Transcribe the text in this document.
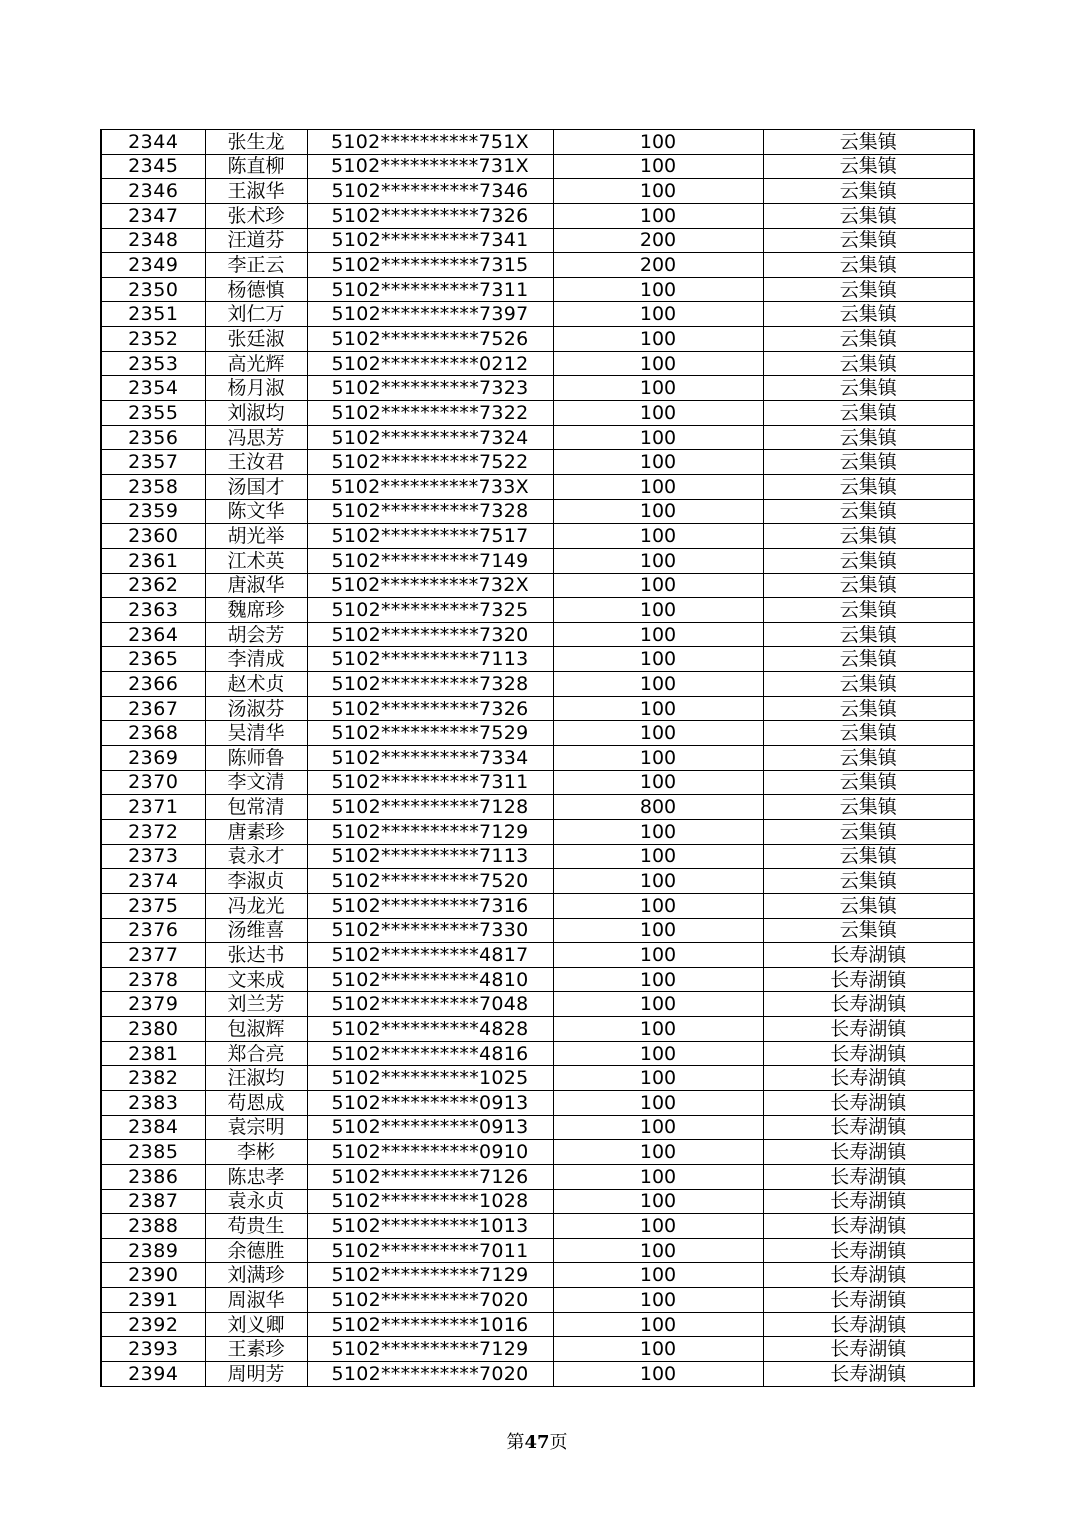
2344	张生龙	5102**********751X	100	云集镇
2345	陈直柳	5102**********731X	100	云集镇
2346	王淑华	5102**********7346	100	云集镇
2347	张术珍	5102**********7326	100	云集镇
2348	汪道芬	5102**********7341	200	云集镇
2349	李正云	5102**********7315	200	云集镇
2350	杨德慎	5102**********7311	100	云集镇
2351	刘仁万	5102**********7397	100	云集镇
2352	张廷淑	5102**********7526	100	云集镇
2353	高光辉	5102**********0212	100	云集镇
2354	杨月淑	5102**********7323	100	云集镇
2355	刘淑均	5102**********7322	100	云集镇
2356	冯思芳	5102**********7324	100	云集镇
2357	王汝君	5102**********7522	100	云集镇
2358	汤国才	5102**********733X	100	云集镇
2359	陈文华	5102**********7328	100	云集镇
2360	胡光举	5102**********7517	100	云集镇
2361	江术英	5102**********7149	100	云集镇
2362	唐淑华	5102**********732X	100	云集镇
2363	魏席珍	5102**********7325	100	云集镇
2364	胡会芳	5102**********7320	100	云集镇
2365	李清成	5102**********7113	100	云集镇
2366	赵术贞	5102**********7328	100	云集镇
2367	汤淑芬	5102**********7326	100	云集镇
2368	吴清华	5102**********7529	100	云集镇
2369	陈师鲁	5102**********7334	100	云集镇
2370	李文清	5102**********7311	100	云集镇
2371	包常清	5102**********7128	800	云集镇
2372	唐素珍	5102**********7129	100	云集镇
2373	袁永才	5102**********7113	100	云集镇
2374	李淑贞	5102**********7520	100	云集镇
2375	冯龙光	5102**********7316	100	云集镇
2376	汤维喜	5102**********7330	100	云集镇
2377	张达书	5102**********4817	100	长寿湖镇
2378	文来成	5102**********4810	100	长寿湖镇
2379	刘兰芳	5102**********7048	100	长寿湖镇
2380	包淑辉	5102**********4828	100	长寿湖镇
2381	郑合亮	5102**********4816	100	长寿湖镇
2382	汪淑均	5102**********1025	100	长寿湖镇
2383	苟恩成	5102**********0913	100	长寿湖镇
2384	袁宗明	5102**********0913	100	长寿湖镇
2385	李彬	5102**********0910	100	长寿湖镇
2386	陈忠孝	5102**********7126	100	长寿湖镇
2387	袁永贞	5102**********1028	100	长寿湖镇
2388	苟贵生	5102**********1013	100	长寿湖镇
2389	余德胜	5102**********7011	100	长寿湖镇
2390	刘满珍	5102**********7129	100	长寿湖镇
2391	周淑华	5102**********7020	100	长寿湖镇
2392	刘义卿	5102**********1016	100	长寿湖镇
2393	王素珍	5102**********7129	100	长寿湖镇
2394	周明芳	5102**********7020	100	长寿湖镇
第47页
